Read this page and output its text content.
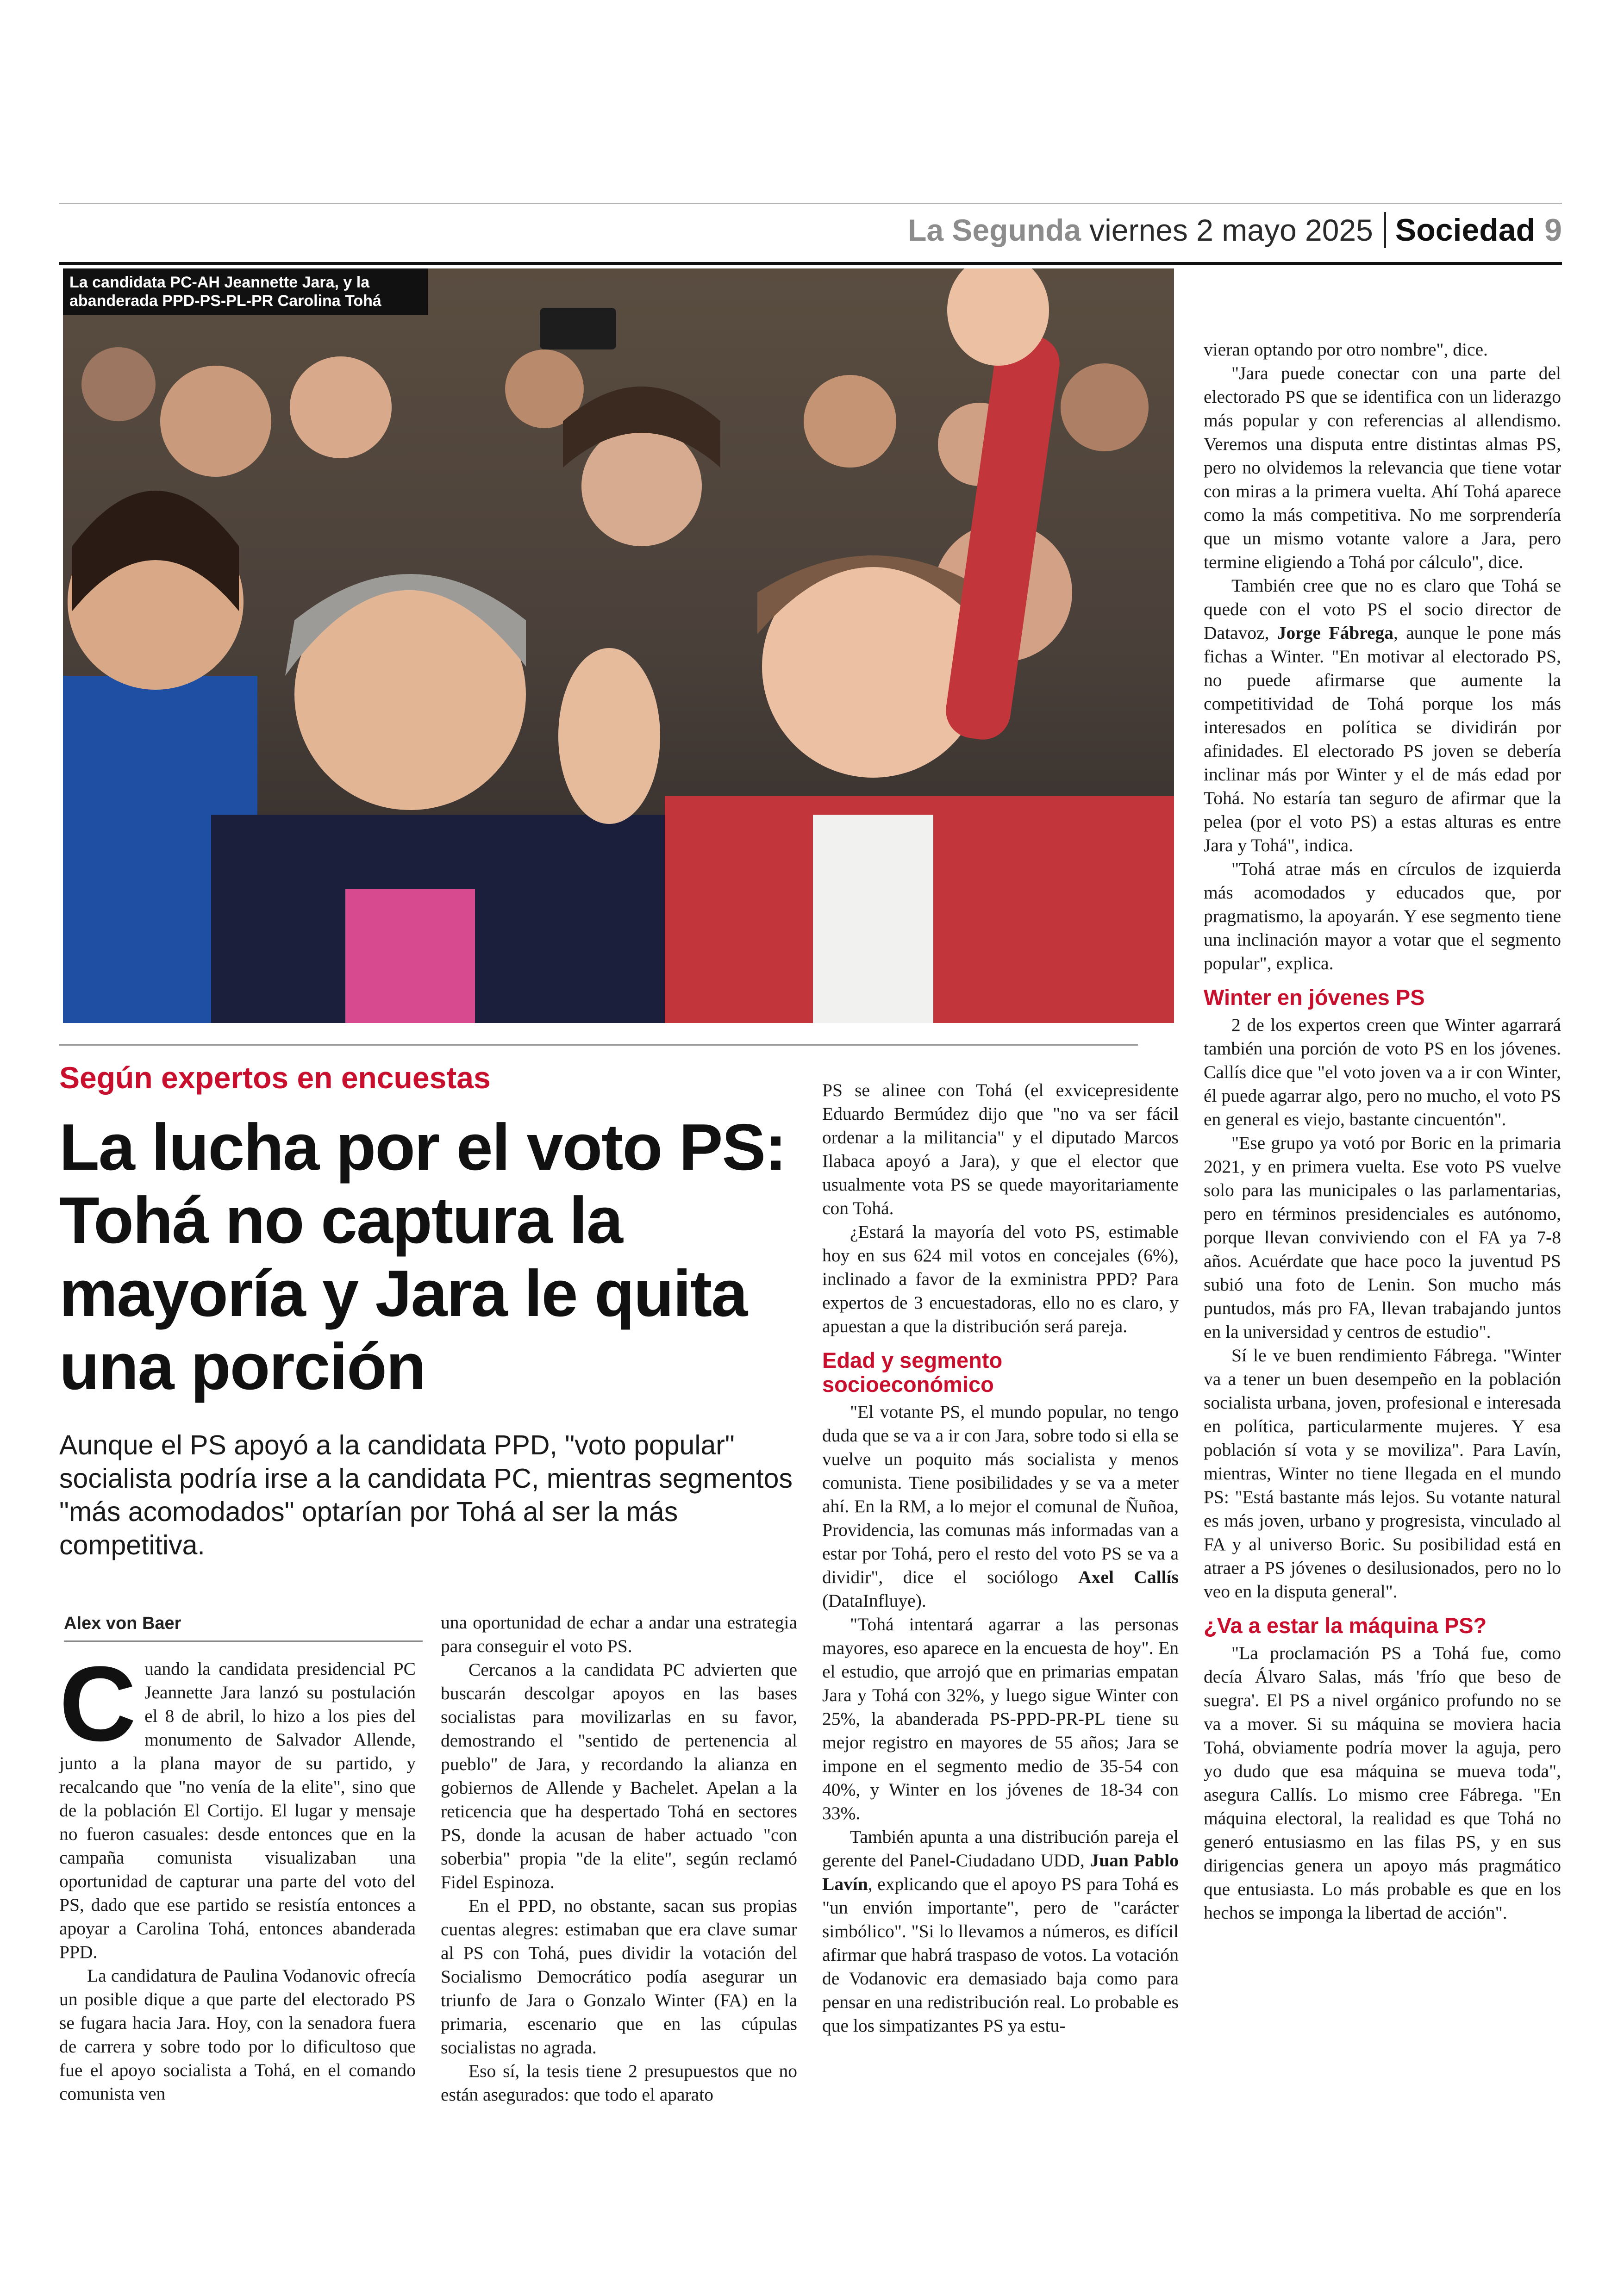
La Segunda viernes 2 mayo 2025 Sociedad 9
La candidata PC-AH Jeannette Jara, y la abanderada PPD-PS-PL-PR Carolina Tohá
Según expertos en encuestas
La lucha por el voto PS: Tohá no captura la mayoría y Jara le quita una porción
Aunque el PS apoyó a la candidata PPD, "voto popular" socialista podría irse a la candidata PC, mientras segmentos "más acomodados" optarían por Tohá al ser la más competitiva.
Alex von Baer
C uando la candidata presidencial PC Jeannette Jara lanzó su postulación el 8 de abril, lo hizo a los pies del monumento de Salvador Allende, junto a la plana mayor de su partido, y recalcando que "no venía de la elite", sino que de la población El Cortijo. El lugar y mensaje no fueron casuales: desde entonces que en la campaña comunista visualizaban una oportunidad de capturar una parte del voto del PS, dado que ese partido se resistía entonces a apoyar a Carolina Tohá, entonces abanderada PPD.

La candidatura de Paulina Vodanovic ofrecía un posible dique a que parte del electorado PS se fugara hacia Jara. Hoy, con la senadora fuera de carrera y sobre todo por lo dificultoso que fue el apoyo socialista a Tohá, en el comando comunista ven

una oportunidad de echar a andar una estrategia para conseguir el voto PS.

Cercanos a la candidata PC advierten que buscarán descolgar apoyos en las bases socialistas para movilizarlas en su favor, demostrando el "sentido de pertenencia al pueblo" de Jara, y recordando la alianza en gobiernos de Allende y Bachelet. Apelan a la reticencia que ha despertado Tohá en sectores PS, donde la acusan de haber actuado "con soberbia" propia "de la elite", según reclamó Fidel Espinoza.

En el PPD, no obstante, sacan sus propias cuentas alegres: estimaban que era clave sumar al PS con Tohá, pues dividir la votación del Socialismo Democrático podía asegurar un triunfo de Jara o Gonzalo Winter (FA) en la primaria, escenario que en las cúpulas socialistas no agrada.

Eso sí, la tesis tiene 2 presupuestos que no están asegurados: que todo el aparato

PS se alinee con Tohá (el exvicepresidente Eduardo Bermúdez dijo que "no va ser fácil ordenar a la militancia" y el diputado Marcos Ilabaca apoyó a Jara), y que el elector que usualmente vota PS se quede mayoritariamente con Tohá.

¿Estará la mayoría del voto PS, estimable hoy en sus 624 mil votos en concejales (6%), inclinado a favor de la exministra PPD? Para expertos de 3 encuestadoras, ello no es claro, y apuestan a que la distribución será pareja.

Edad y segmento socioeconómico

"El votante PS, el mundo popular, no tengo duda que se va a ir con Jara, sobre todo si ella se vuelve un poquito más socialista y menos comunista. Tiene posibilidades y se va a meter ahí. En la RM, a lo mejor el comunal de Ñuñoa, Providencia, las comunas más informadas van a estar por Tohá, pero el resto del voto PS se va a dividir", dice el sociólogo Axel Callís (DataInfluye).

"Tohá intentará agarrar a las personas mayores, eso aparece en la encuesta de hoy". En el estudio, que arrojó que en primarias empatan Jara y Tohá con 32%, y luego sigue Winter con 25%, la abanderada PS-PPD-PR-PL tiene su mejor registro en mayores de 55 años; Jara se impone en el segmento medio de 35-54 con 40%, y Winter en los jóvenes de 18-34 con 33%.

También apunta a una distribución pareja el gerente del Panel-Ciudadano UDD, Juan Pablo Lavín, explicando que el apoyo PS para Tohá es "un envión importante", pero de "carácter simbólico". "Si lo llevamos a números, es difícil afirmar que habrá traspaso de votos. La votación de Vodanovic era demasiado baja como para pensar en una redistribución real. Lo probable es que los simpatizantes PS ya estu-

vieran optando por otro nombre", dice.

"Jara puede conectar con una parte del electorado PS que se identifica con un liderazgo más popular y con referencias al allendismo. Veremos una disputa entre distintas almas PS, pero no olvidemos la relevancia que tiene votar con miras a la primera vuelta. Ahí Tohá aparece como la más competitiva. No me sorprendería que un mismo votante valore a Jara, pero termine eligiendo a Tohá por cálculo", dice.

También cree que no es claro que Tohá se quede con el voto PS el socio director de Datavoz, Jorge Fábrega, aunque le pone más fichas a Winter. "En motivar al electorado PS, no puede afirmarse que aumente la competitividad de Tohá porque los más interesados en política se dividirán por afinidades. El electorado PS joven se debería inclinar más por Winter y el de más edad por Tohá. No estaría tan seguro de afirmar que la pelea (por el voto PS) a estas alturas es entre Jara y Tohá", indica.

"Tohá atrae más en círculos de izquierda más acomodados y educados que, por pragmatismo, la apoyarán. Y ese segmento tiene una inclinación mayor a votar que el segmento popular", explica.

Winter en jóvenes PS

2 de los expertos creen que Winter agarrará también una porción de voto PS en los jóvenes. Callís dice que "el voto joven va a ir con Winter, él puede agarrar algo, pero no mucho, el voto PS en general es viejo, bastante cincuentón".

"Ese grupo ya votó por Boric en la primaria 2021, y en primera vuelta. Ese voto PS vuelve solo para las municipales o las parlamentarias, pero en términos presidenciales es autónomo, porque llevan conviviendo con el FA ya 7-8 años. Acuérdate que hace poco la juventud PS subió una foto de Lenin. Son mucho más puntudos, más pro FA, llevan trabajando juntos en la universidad y centros de estudio".

Sí le ve buen rendimiento Fábrega. "Winter va a tener un buen desempeño en la población socialista urbana, joven, profesional e interesada en política, particularmente mujeres. Y esa población sí vota y se moviliza". Para Lavín, mientras, Winter no tiene llegada en el mundo PS: "Está bastante más lejos. Su votante natural es más joven, urbano y progresista, vinculado al FA y al universo Boric. Su posibilidad está en atraer a PS jóvenes o desilusionados, pero no lo veo en la disputa general".

¿Va a estar la máquina PS?

"La proclamación PS a Tohá fue, como decía Álvaro Salas, más 'frío que beso de suegra'. El PS a nivel orgánico profundo no se va a mover. Si su máquina se moviera hacia Tohá, obviamente podría mover la aguja, pero yo dudo que esa máquina se mueva toda", asegura Callís. Lo mismo cree Fábrega. "En máquina electoral, la realidad es que Tohá no generó entusiasmo en las filas PS, y en sus dirigencias genera un apoyo más pragmático que entusiasta. Lo más probable es que en los hechos se imponga la libertad de acción".
